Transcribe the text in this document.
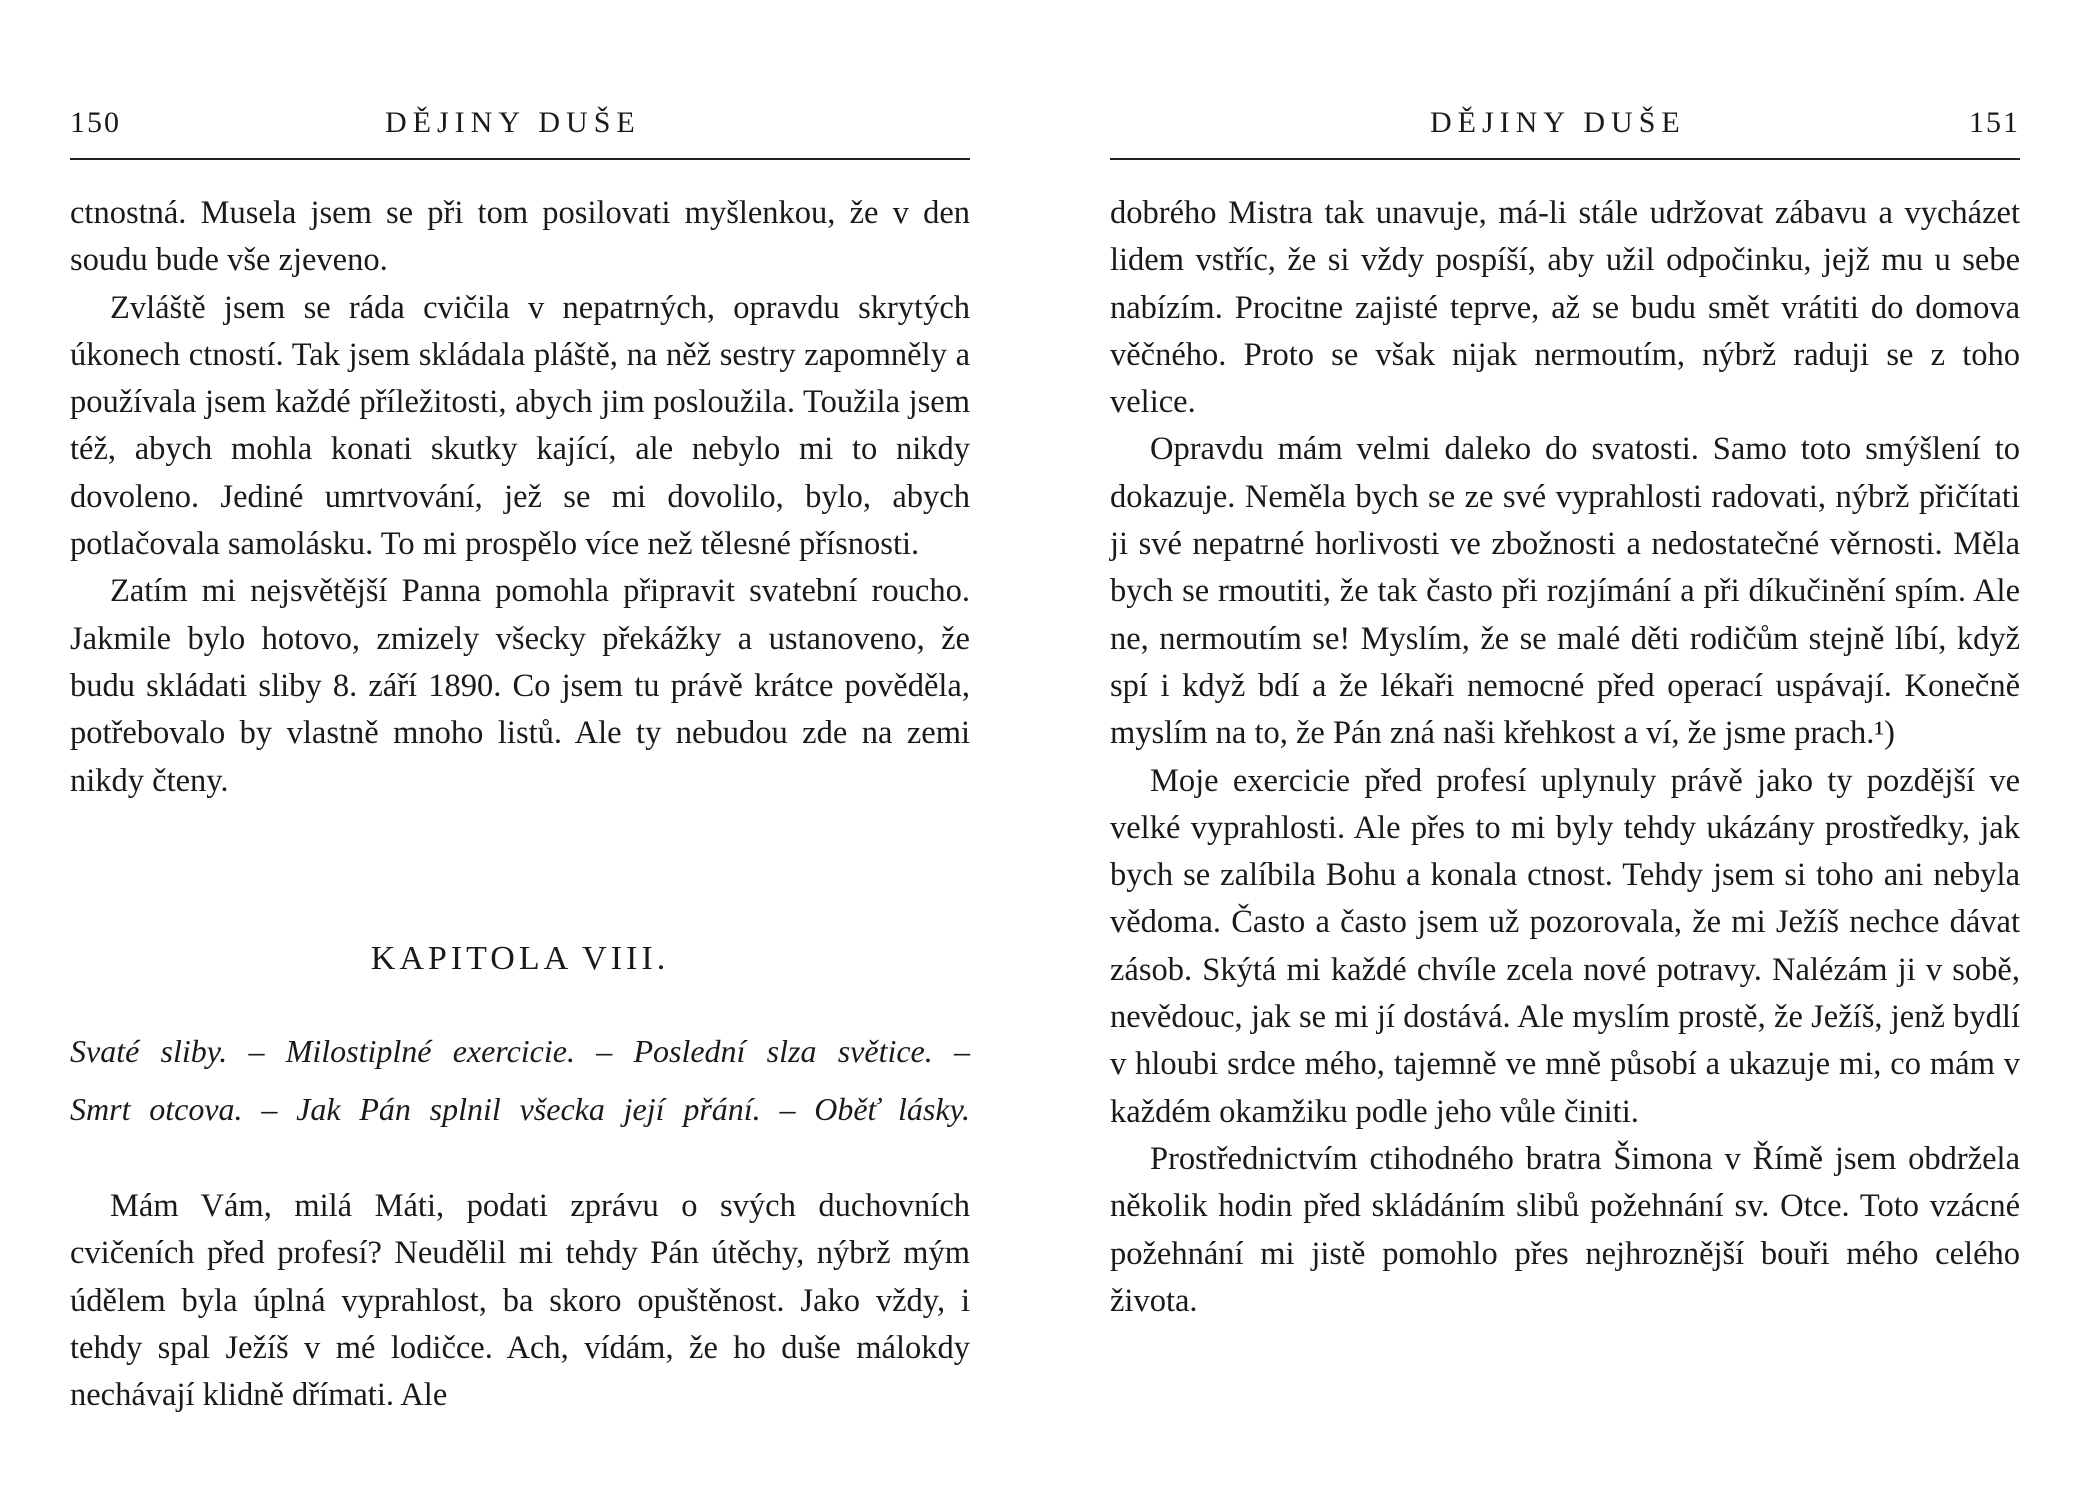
150	DĚJINY DUŠE

ctnostná. Musela jsem se při tom posilovati myšlenkou, že v den soudu bude vše zjeveno.

Zvláště jsem se ráda cvičila v nepatrných, opravdu skrytých úkonech ctností. Tak jsem skládala pláště, na něž sestry zapomněly a používala jsem každé příležitosti, abych jim posloužila. Toužila jsem též, abych mohla konati skutky kající, ale nebylo mi to nikdy dovoleno. Jediné umrtvování, jež se mi dovolilo, bylo, abych potlačovala samolásku. To mi prospělo více než tělesné přísnosti.

Zatím mi nejsvětější Panna pomohla připravit svatební roucho. Jakmile bylo hotovo, zmizely všecky překážky a ustanoveno, že budu skládati sliby 8. září 1890. Co jsem tu právě krátce pověděla, potřebovalo by vlastně mnoho listů. Ale ty nebudou zde na zemi nikdy čteny.

KAPITOLA VIII.
Svaté sliby. – Milostiplné exercicie. – Poslední slza světice. –
Smrt otcova. – Jak Pán splnil všecka její přání. – Oběť lásky.

Mám Vám, milá Máti, podati zprávu o svých duchovních cvičeních před profesí? Neudělil mi tehdy Pán útěchy, nýbrž mým údělem byla úplná vyprahlost, ba skoro opuštěnost. Jako vždy, i tehdy spal Ježíš v mé lodičce. Ach, vídám, že ho duše málokdy nechávají klidně dřímati. Ale

DĚJINY DUŠE	151

dobrého Mistra tak unavuje, má-li stále udržovat zábavu a vycházet lidem vstříc, že si vždy pospíší, aby užil odpočinku, jejž mu u sebe nabízím. Procitne zajisté teprve, až se budu smět vrátiti do domova věčného. Proto se však nijak nermoutím, nýbrž raduji se z toho velice.

Opravdu mám velmi daleko do svatosti. Samo toto smýšlení to dokazuje. Neměla bych se ze své vyprahlosti radovati, nýbrž přičítati ji své nepatrné horlivosti ve zbožnosti a nedostatečné věrnosti. Měla bych se rmoutiti, že tak často při rozjímání a při díkučinění spím. Ale ne, nermoutím se! Myslím, že se malé děti rodičům stejně líbí, když spí i když bdí a že lékaři nemocné před operací uspávají. Konečně myslím na to, že Pán zná naši křehkost a ví, že jsme prach.¹)

Moje exercicie před profesí uplynuly právě jako ty pozdější ve velké vyprahlosti. Ale přes to mi byly tehdy ukázány prostředky, jak bych se zalíbila Bohu a konala ctnost. Tehdy jsem si toho ani nebyla vědoma. Často a často jsem už pozorovala, že mi Ježíš nechce dávat zásob. Skýtá mi každé chvíle zcela nové potravy. Nalézám ji v sobě, nevědouc, jak se mi jí dostává. Ale myslím prostě, že Ježíš, jenž bydlí v hloubi srdce mého, tajemně ve mně působí a ukazuje mi, co mám v každém okamžiku podle jeho vůle činiti.

Prostřednictvím ctihodného bratra Šimona v Římě jsem obdržela několik hodin před skládáním slibů požehnání sv. Otce. Toto vzácné požehnání mi jistě pomohlo přes nejhroznější bouři mého celého života.
